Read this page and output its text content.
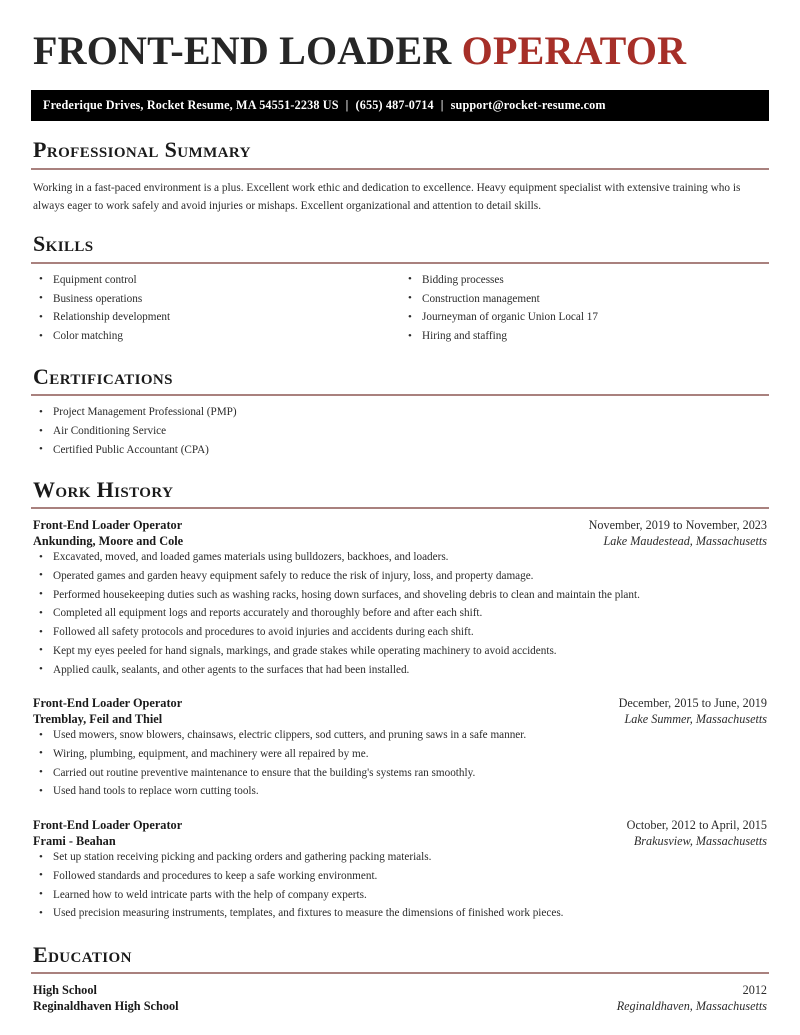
FRONT-END LOADER OPERATOR
Frederique Drives, Rocket Resume, MA 54551-2238 US | (655) 487-0714 | support@rocket-resume.com
Professional Summary

Working in a fast-paced environment is a plus. Excellent work ethic and dedication to excellence. Heavy equipment specialist with extensive training who is always eager to work safely and avoid injuries or mishaps. Excellent organizational and attention to detail skills.

Skills
• Equipment control
• Business operations
• Relationship development
• Color matching
• Bidding processes
• Construction management
• Journeyman of organic Union Local 17
• Hiring and staffing
Certifications
• Project Management Professional (PMP)
• Air Conditioning Service
• Certified Public Accountant (CPA)
Work History
Front-End Loader Operator	November, 2019 to November, 2023
Ankunding, Moore and Cole	Lake Maudestead, Massachusetts
• Excavated, moved, and loaded games materials using bulldozers, backhoes, and loaders.
• Operated games and garden heavy equipment safely to reduce the risk of injury, loss, and property damage.
• Performed housekeeping duties such as washing racks, hosing down surfaces, and shoveling debris to clean and maintain the plant.
• Completed all equipment logs and reports accurately and thoroughly before and after each shift.
• Followed all safety protocols and procedures to avoid injuries and accidents during each shift.
• Kept my eyes peeled for hand signals, markings, and grade stakes while operating machinery to avoid accidents.
• Applied caulk, sealants, and other agents to the surfaces that had been installed.
Front-End Loader Operator	December, 2015 to June, 2019
Tremblay, Feil and Thiel	Lake Summer, Massachusetts
• Used mowers, snow blowers, chainsaws, electric clippers, sod cutters, and pruning saws in a safe manner.
• Wiring, plumbing, equipment, and machinery were all repaired by me.
• Carried out routine preventive maintenance to ensure that the building's systems ran smoothly.
• Used hand tools to replace worn cutting tools.
Front-End Loader Operator	October, 2012 to April, 2015
Frami - Beahan	Brakusview, Massachusetts
• Set up station receiving picking and packing orders and gathering packing materials.
• Followed standards and procedures to keep a safe working environment.
• Learned how to weld intricate parts with the help of company experts.
• Used precision measuring instruments, templates, and fixtures to measure the dimensions of finished work pieces.
Education
High School	2012
Reginaldhaven High School	Reginaldhaven, Massachusetts
